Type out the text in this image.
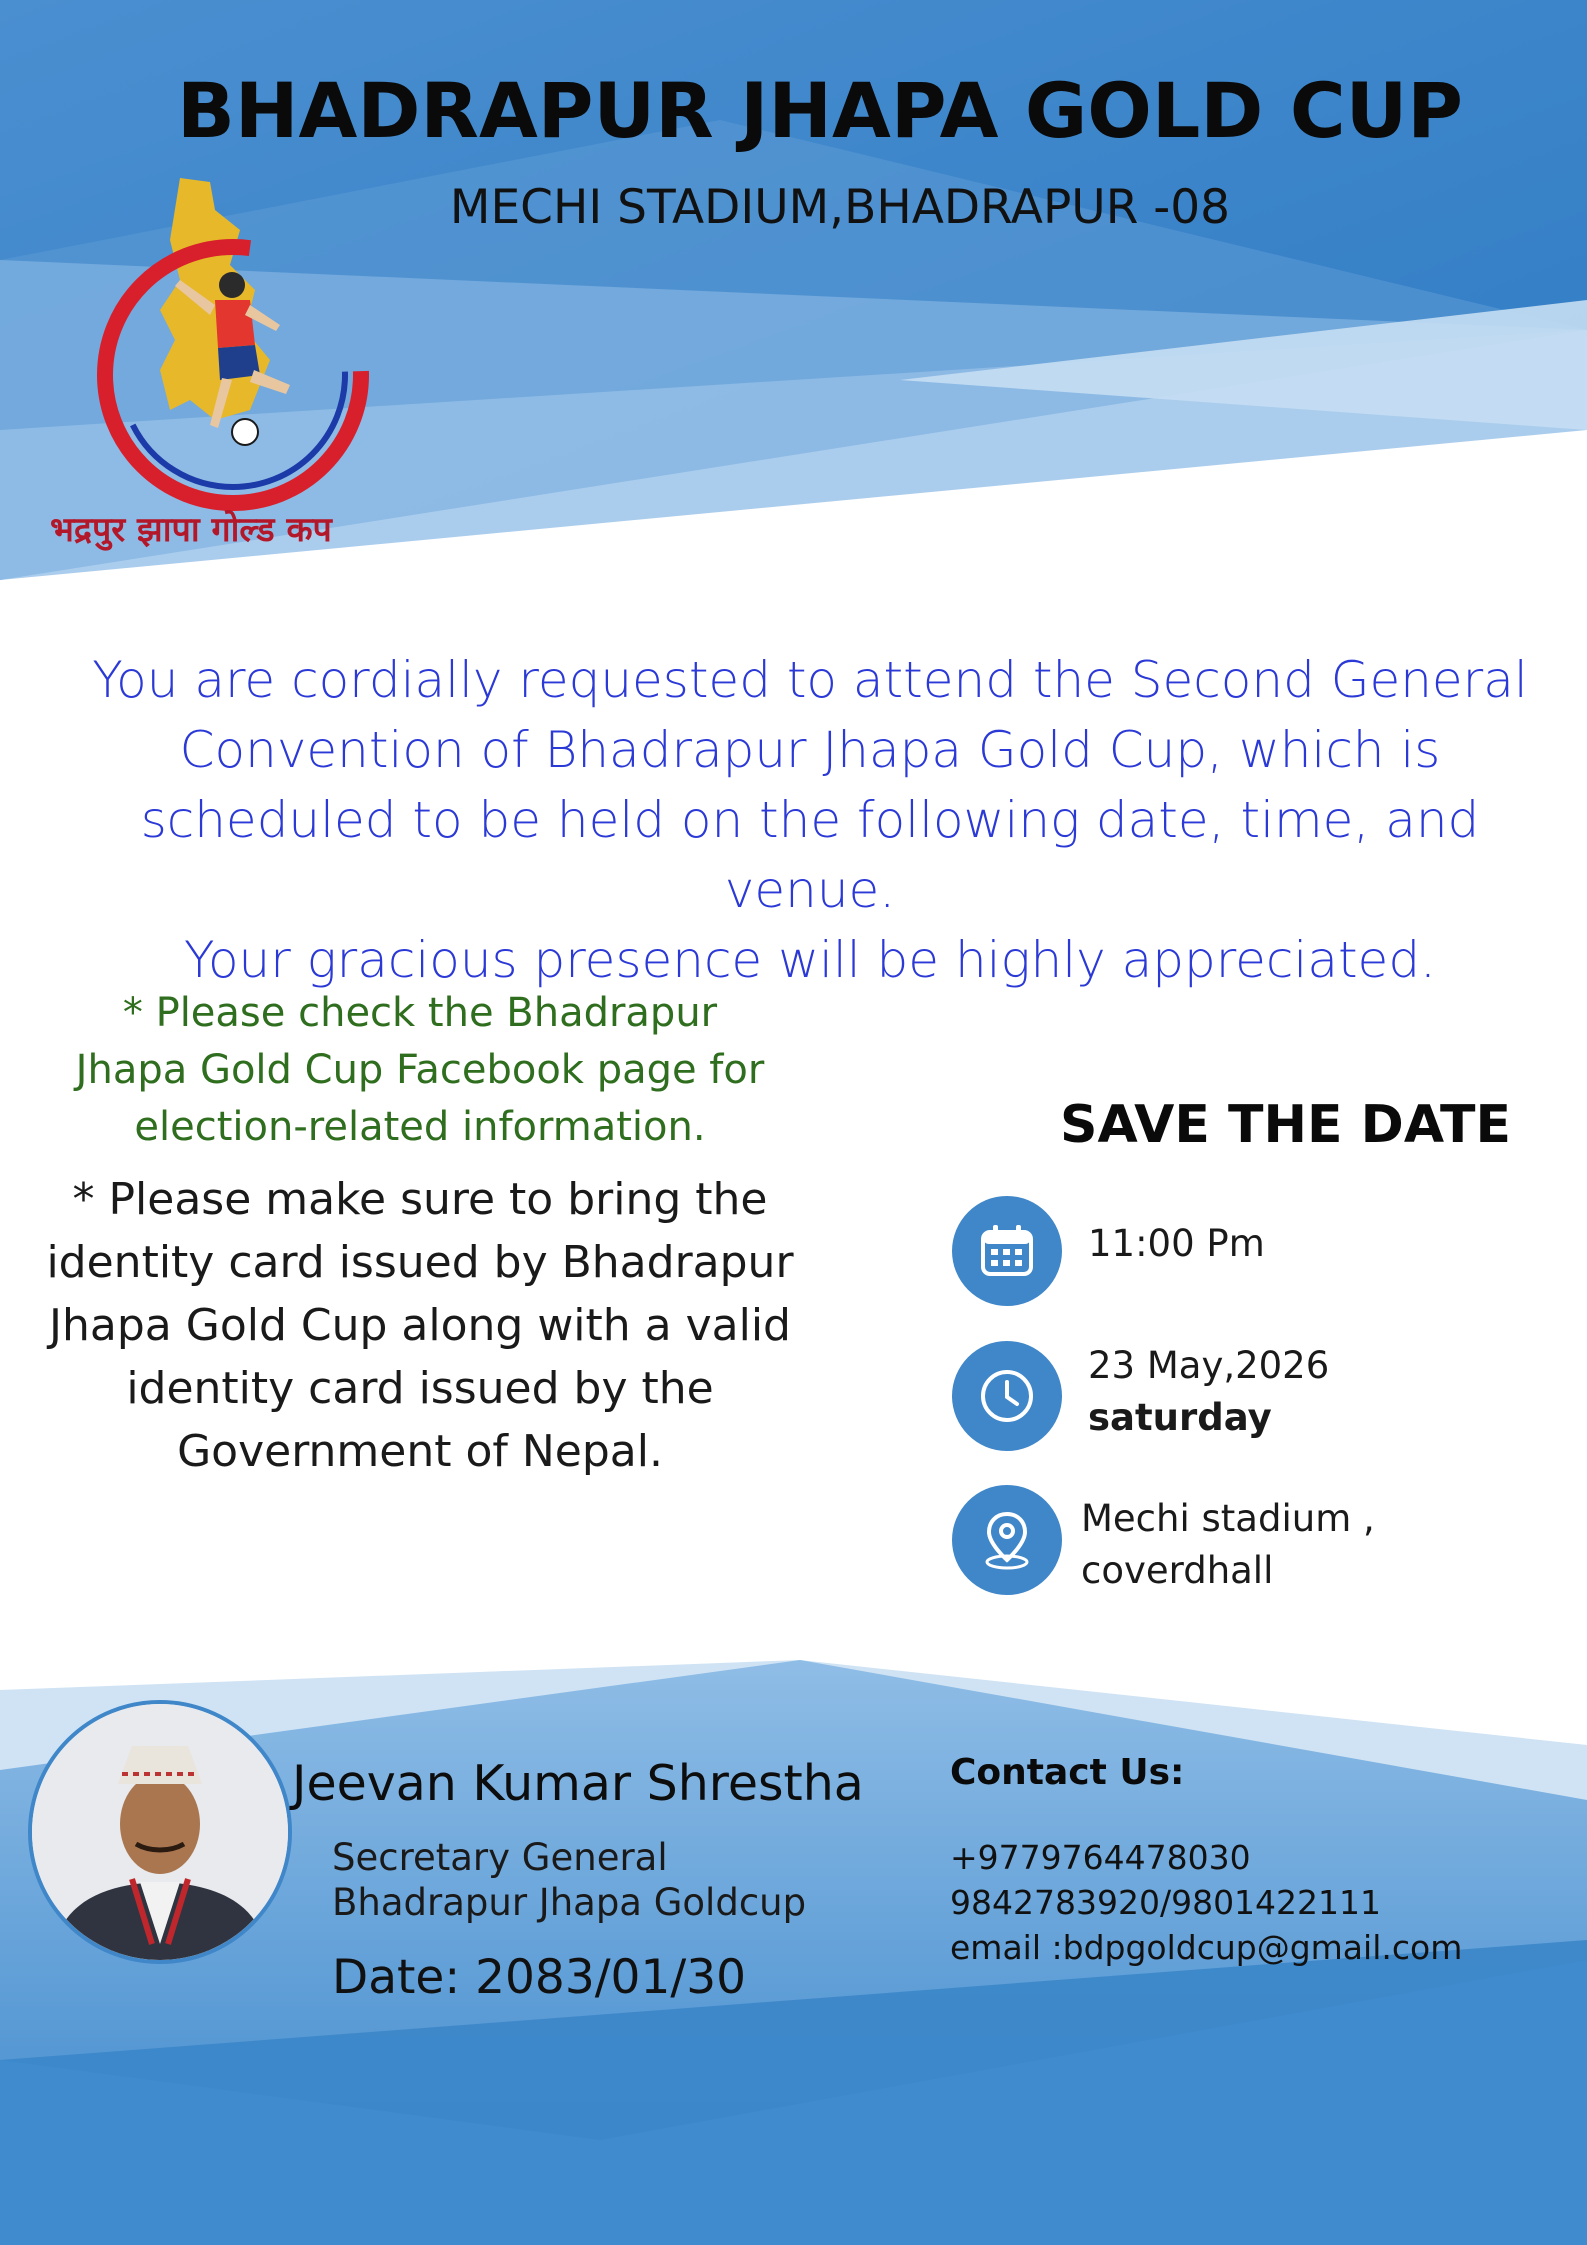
BHADRAPUR JHAPA GOLD CUP
MECHI STADIUM,BHADRAPUR -08
भद्रपुर झापा गोल्ड कप
You are cordially requested to attend the Second General
Convention of Bhadrapur Jhapa Gold Cup, which is
scheduled to be held on the following date, time, and venue.
Your gracious presence will be highly appreciated.
* Please check the Bhadrapur
Jhapa Gold Cup Facebook page for
election-related information.
* Please make sure to bring the
identity card issued by Bhadrapur
Jhapa Gold Cup along with a valid
identity card issued by the
Government of Nepal.
SAVE THE DATE
11:00 Pm
23 May,2026
saturday
Mechi stadium ,
coverdhall
Jeevan Kumar Shrestha
Secretary General
Bhadrapur Jhapa Goldcup
Date: 2083/01/30
Contact Us:
+9779764478030
9842783920/9801422111
email :bdpgoldcup@gmail.com
